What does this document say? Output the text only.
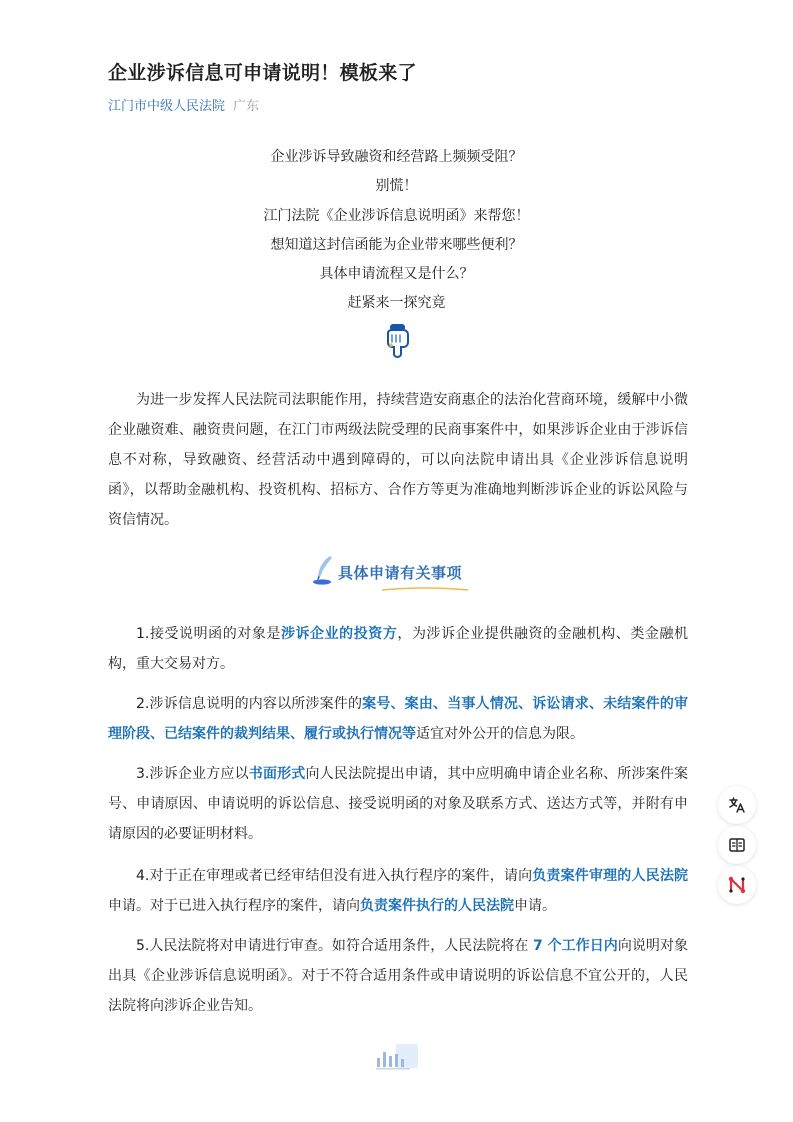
企业涉诉信息可申请说明！模板来了
江门市中级人民法院 广东
企业涉诉导致融资和经营路上频频受阻？
别慌！
江门法院《企业涉诉信息说明函》来帮您！
想知道这封信函能为企业带来哪些便利？
具体申请流程又是什么？
赶紧来一探究竟

为进一步发挥人民法院司法职能作用，持续营造安商惠企的法治化营商环境，缓解中小微企业融资难、融资贵问题，在江门市两级法院受理的民商事案件中，如果涉诉企业由于涉诉信息不对称，导致融资、经营活动中遇到障碍的，可以向法院申请出具《企业涉诉信息说明函》，以帮助金融机构、投资机构、招标方、合作方等更为准确地判断涉诉企业的诉讼风险与资信情况。

具体申请有关事项

1.接受说明函的对象是涉诉企业的投资方，为涉诉企业提供融资的金融机构、类金融机构，重大交易对方。

2.涉诉信息说明的内容以所涉案件的案号、案由、当事人情况、诉讼请求、未结案件的审理阶段、已结案件的裁判结果、履行或执行情况等适宜对外公开的信息为限。

3.涉诉企业方应以书面形式向人民法院提出申请，其中应明确申请企业名称、所涉案件案号、申请原因、申请说明的诉讼信息、接受说明函的对象及联系方式、送达方式等，并附有申请原因的必要证明材料。

4.对于正在审理或者已经审结但没有进入执行程序的案件，请向负责案件审理的人民法院申请。对于已进入执行程序的案件，请向负责案件执行的人民法院申请。

5.人民法院将对申请进行审查。如符合适用条件，人民法院将在 7 个工作日内向说明对象出具《企业涉诉信息说明函》。对于不符合适用条件或申请说明的诉讼信息不宜公开的，人民法院将向涉诉企业告知。
